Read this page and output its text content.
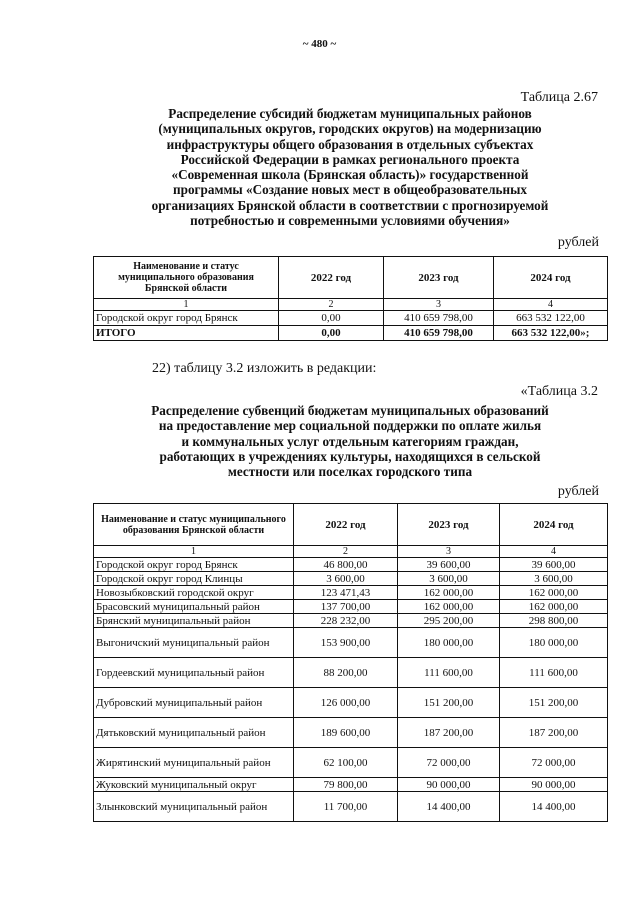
~ 480 ~
Таблица 2.67
Распределение субсидий бюджетам муниципальных районов
(муниципальных округов, городских округов) на модернизацию
инфраструктуры общего образования в отдельных субъектах
Российской Федерации в рамках регионального проекта
«Современная школа (Брянская область)» государственной
программы «Создание новых мест в общеобразовательных
организациях Брянской области в соответствии с прогнозируемой
потребностью и современными условиями обучения»
рублей
Наименование и статус муниципального образования Брянской области	2022 год	2023 год	2024 год
1	2	3	4
Городской округ город Брянск	0,00	410 659 798,00	663 532 122,00
ИТОГО	0,00	410 659 798,00	663 532 122,00»;
22) таблицу 3.2 изложить в редакции:
«Таблица 3.2
Распределение субвенций бюджетам муниципальных образований
на предоставление мер социальной поддержки по оплате жилья
и коммунальных услуг отдельным категориям граждан,
работающих в учреждениях культуры, находящихся в сельской
местности или поселках городского типа
рублей
Наименование и статус муниципального образования Брянской области	2022 год	2023 год	2024 год
1	2	3	4
Городской округ город Брянск	46 800,00	39 600,00	39 600,00
Городской округ город Клинцы	3 600,00	3 600,00	3 600,00
Новозыбковский городской округ	123 471,43	162 000,00	162 000,00
Брасовский муниципальный район	137 700,00	162 000,00	162 000,00
Брянский муниципальный район	228 232,00	295 200,00	298 800,00
Выгоничский муниципальный район	153 900,00	180 000,00	180 000,00
Гордеевский муниципальный район	88 200,00	111 600,00	111 600,00
Дубровский муниципальный район	126 000,00	151 200,00	151 200,00
Дятьковский муниципальный район	189 600,00	187 200,00	187 200,00
Жирятинский муниципальный район	62 100,00	72 000,00	72 000,00
Жуковский муниципальный округ	79 800,00	90 000,00	90 000,00
Злынковский муниципальный район	11 700,00	14 400,00	14 400,00
